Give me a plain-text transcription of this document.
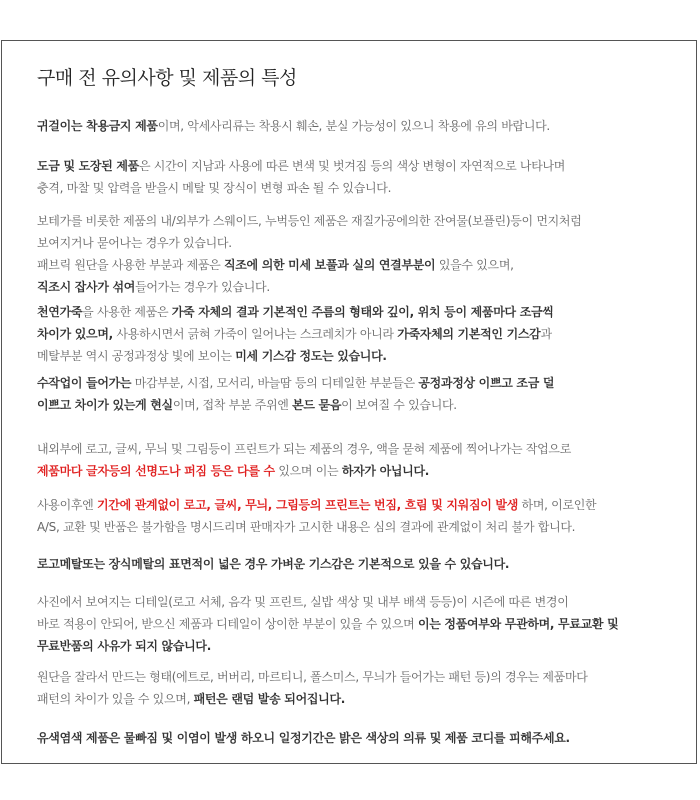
구매 전 유의사항 및 제품의 특성
귀걸이는 착용금지 제품이며, 악세사리류는 착용시 훼손, 분실 가능성이 있으니 착용에 유의 바랍니다.
도금 및 도장된 제품은 시간이 지남과 사용에 따른 변색 및 벗겨짐 등의 색상 변형이 자연적으로 나타나며
충격, 마찰 및 압력을 받을시 메탈 및 장식이 변형 파손 될 수 있습니다.
보테가를 비롯한 제품의 내/외부가 스웨이드, 누벅등인 제품은 재질가공에의한 잔여물(보플린)등이 먼지처럼
보여지거나 묻어나는 경우가 있습니다.
패브릭 원단을 사용한 부분과 제품은 직조에 의한 미세 보풀과 실의 연결부분이 있을수 있으며,
직조시 잡사가 섞여들어가는 경우가 있습니다.
천연가죽을 사용한 제품은 가죽 자체의 결과 기본적인 주름의 형태와 깊이, 위치 등이 제품마다 조금씩
차이가 있으며, 사용하시면서 긁혀 가죽이 일어나는 스크레치가 아니라 가죽자체의 기본적인 기스감과
메탈부분 역시 공정과정상 빛에 보이는 미세 기스감 정도는 있습니다.
수작업이 들어가는 마감부분, 시접, 모서리, 바늘땀 등의 디테일한 부분들은 공정과정상 이쁘고 조금 덜
이쁘고 차이가 있는게 현실이며, 접착 부분 주위엔 본드 묻음이 보여질 수 있습니다.
내외부에 로고, 글씨, 무늬 및 그림등이 프린트가 되는 제품의 경우, 액을 묻혀 제품에 찍어나가는 작업으로
제품마다 글자등의 선명도나 퍼짐 등은 다를 수 있으며 이는 하자가 아닙니다.
사용이후엔 기간에 관계없이 로고, 글씨, 무늬, 그림등의 프린트는 번짐, 흐림 및 지워짐이 발생 하며, 이로인한
A/S, 교환 및 반품은 불가함을 명시드리며 판매자가 고시한 내용은 심의 결과에 관계없이 처리 불가 합니다.
로고메탈또는 장식메탈의 표면적이 넓은 경우 가벼운 기스감은 기본적으로 있을 수 있습니다.
사진에서 보여지는 디테일(로고 서체, 음각 및 프린트, 실밥 색상 및 내부 배색 등등)이 시즌에 따른 변경이
바로 적용이 안되어, 받으신 제품과 디테일이 상이한 부분이 있을 수 있으며 이는 정품여부와 무관하며, 무료교환 및
무료반품의 사유가 되지 않습니다.
원단을 잘라서 만드는 형태(에트로, 버버리, 마르티니, 폴스미스, 무늬가 들어가는 패턴 등)의 경우는 제품마다
패턴의 차이가 있을 수 있으며, 패턴은 랜덤 발송 되어집니다.
유색염색 제품은 물빠짐 및 이염이 발생 하오니 일정기간은 밝은 색상의 의류 및 제품 코디를 피해주세요.
